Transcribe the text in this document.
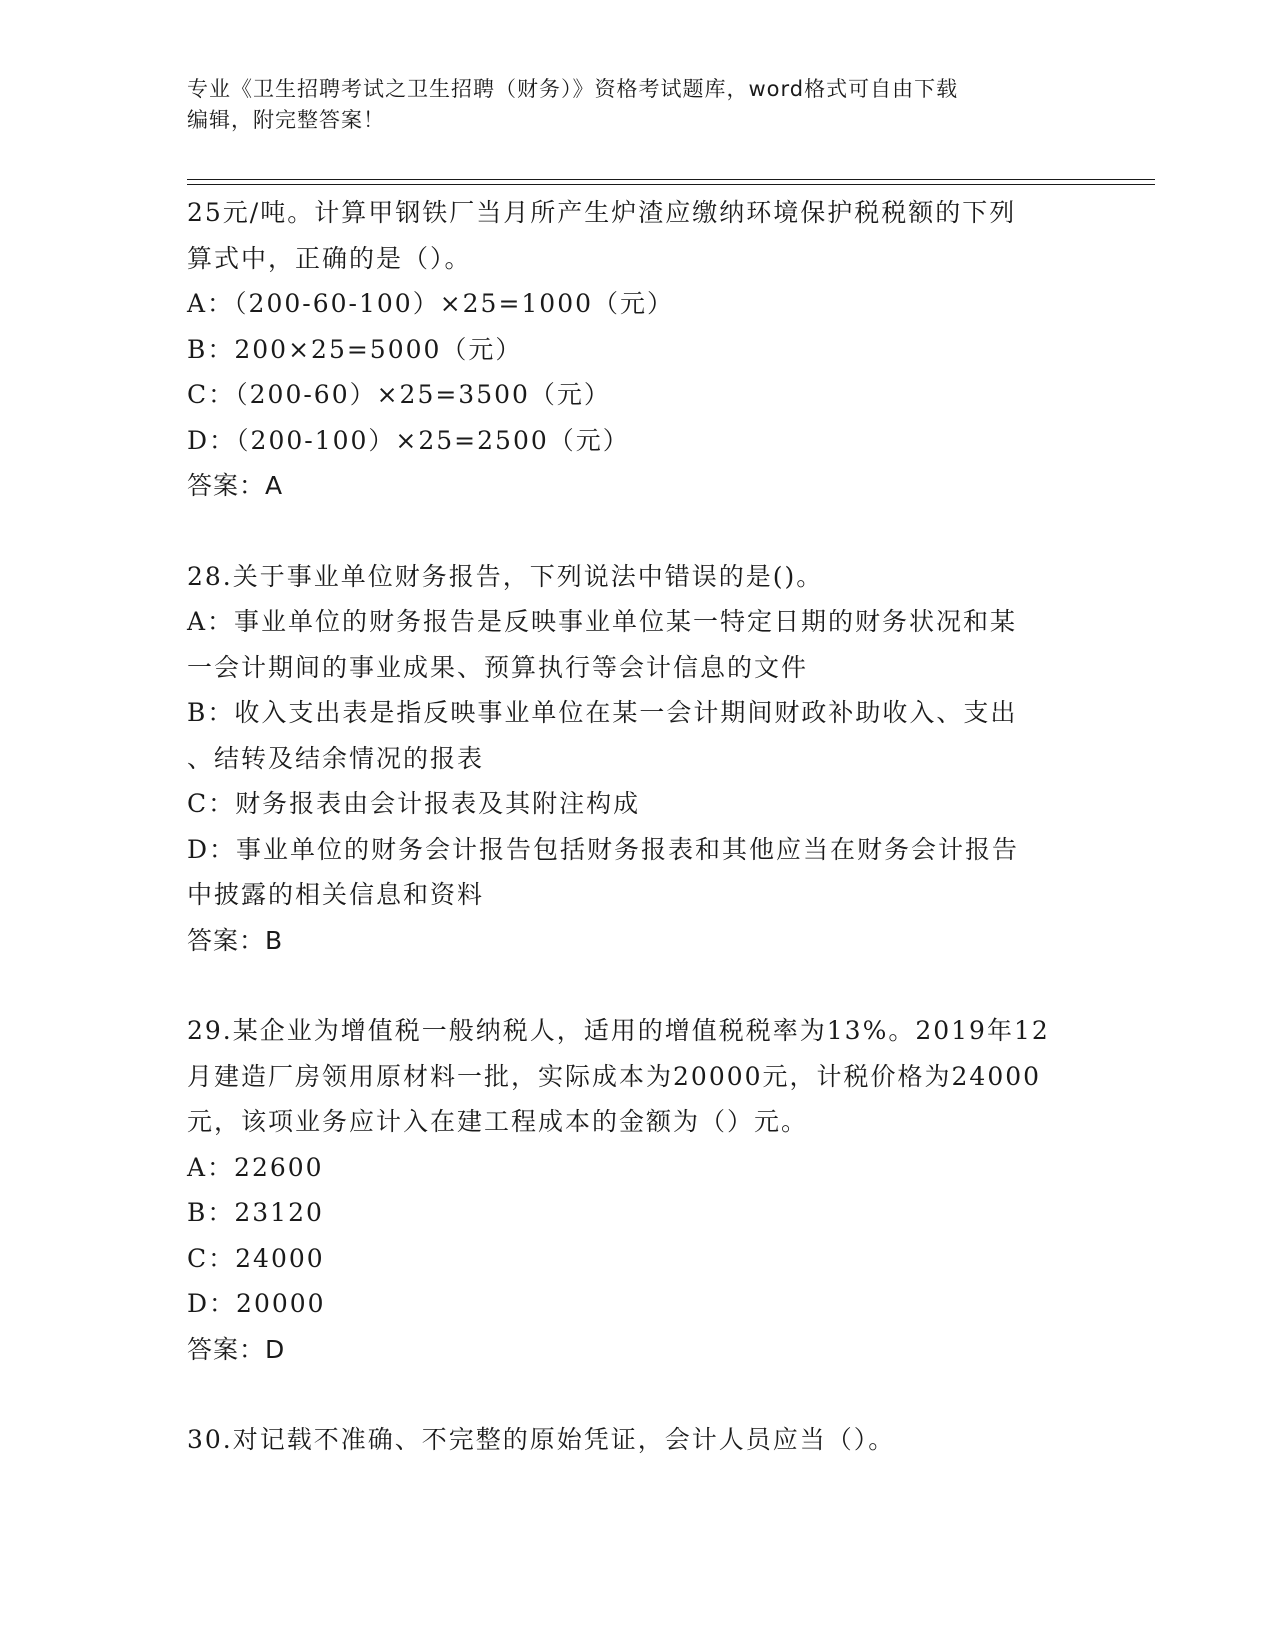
专业《卫生招聘考试之卫生招聘（财务）》资格考试题库，word格式可自由下载
编辑，附完整答案！
25元/吨。计算甲钢铁厂当月所产生炉渣应缴纳环境保护税税额的下列
算式中，正确的是（）。
A：（200-60-100）×25=1000（元）
B：200×25=5000（元）
C：（200-60）×25=3500（元）
D：（200-100）×25=2500（元）
答案：A
28.关于事业单位财务报告，下列说法中错误的是()。
A：事业单位的财务报告是反映事业单位某一特定日期的财务状况和某
一会计期间的事业成果、预算执行等会计信息的文件
B：收入支出表是指反映事业单位在某一会计期间财政补助收入、支出
、结转及结余情况的报表
C：财务报表由会计报表及其附注构成
D：事业单位的财务会计报告包括财务报表和其他应当在财务会计报告
中披露的相关信息和资料
答案：B
29.某企业为增值税一般纳税人，适用的增值税税率为13%。2019年12
月建造厂房领用原材料一批，实际成本为20000元，计税价格为24000
元，该项业务应计入在建工程成本的金额为（）元。
A：22600
B：23120
C：24000
D：20000
答案：D
30.对记载不准确、不完整的原始凭证，会计人员应当（）。
